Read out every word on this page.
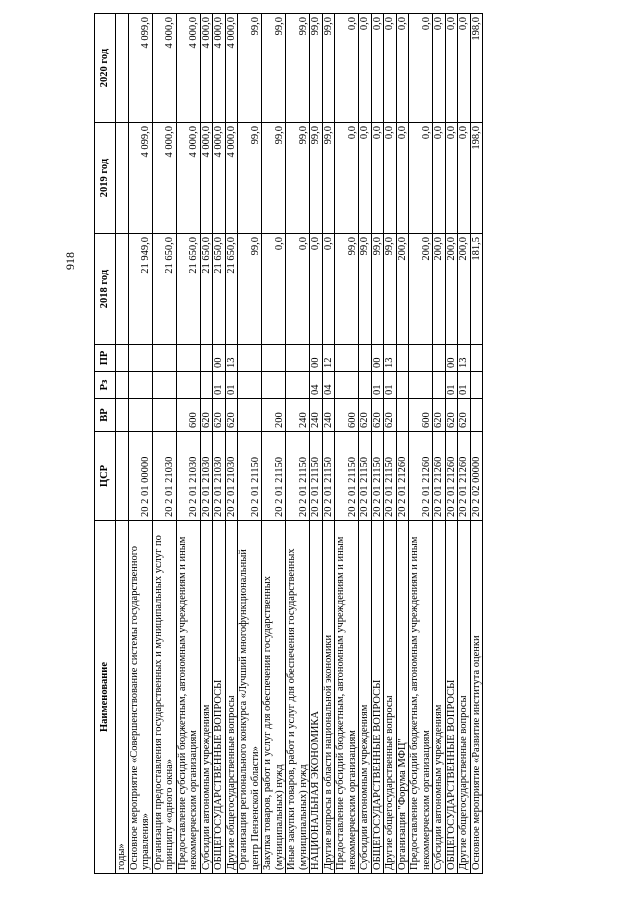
918
Наименование	ЦСР	ВР	Рз	ПР	2018 год	2019 год	2020 год
годы»							
Основное мероприятие «Совершенствование системы государственного управления»	20 2 01 00000				21 949,0	4 099,0	4 099,0
Организация предоставления государственных и муниципальных услуг по принципу «одного окна»	20 2 01 21030				21 650,0	4 000,0	4 000,0
Предоставление субсидий бюджетным, автономным учреждениям и иным некоммерческим организациям	20 2 01 21030	600			21 650,0	4 000,0	4 000,0
Субсидии автономным учреждениям	20 2 01 21030	620			21 650,0	4 000,0	4 000,0
ОБЩЕГОСУДАРСТВЕННЫЕ ВОПРОСЫ	20 2 01 21030	620	01	00	21 650,0	4 000,0	4 000,0
Другие общегосударственные вопросы	20 2 01 21030	620	01	13	21 650,0	4 000,0	4 000,0
Организация регионального конкурса «Лучший многофункциональный центр Пензенской области»	20 2 01 21150				99,0	99,0	99,0
Закупка товаров, работ и услуг для обеспечения государственных (муниципальных) нужд	20 2 01 21150	200			0,0	99,0	99,0
Иные закупки товаров, работ и услуг для обеспечения государственных (муниципальных) нужд	20 2 01 21150	240			0,0	99,0	99,0
НАЦИОНАЛЬНАЯ ЭКОНОМИКА	20 2 01 21150	240	04	00	0,0	99,0	99,0
Другие вопросы в области национальной экономики	20 2 01 21150	240	04	12	0,0	99,0	99,0
Предоставление субсидий бюджетным, автономным учреждениям и иным некоммерческим организациям	20 2 01 21150	600			99,0	0,0	0,0
Субсидии автономным учреждениям	20 2 01 21150	620			99,0	0,0	0,0
ОБЩЕГОСУДАРСТВЕННЫЕ ВОПРОСЫ	20 2 01 21150	620	01	00	99,0	0,0	0,0
Другие общегосударственные вопросы	20 2 01 21150	620	01	13	99,0	0,0	0,0
Организация "Форума МФЦ"	20 2 01 21260				200,0	0,0	0,0
Предоставление субсидий бюджетным, автономным учреждениям и иным некоммерческим организациям	20 2 01 21260	600			200,0	0,0	0,0
Субсидии автономным учреждениям	20 2 01 21260	620			200,0	0,0	0,0
ОБЩЕГОСУДАРСТВЕННЫЕ ВОПРОСЫ	20 2 01 21260	620	01	00	200,0	0,0	0,0
Другие общегосударственные вопросы	20 2 01 21260	620	01	13	200,0	0,0	0,0
Основное мероприятие «Развитие института оценки	20 2 02 00000				181,5	198,0	198,0
